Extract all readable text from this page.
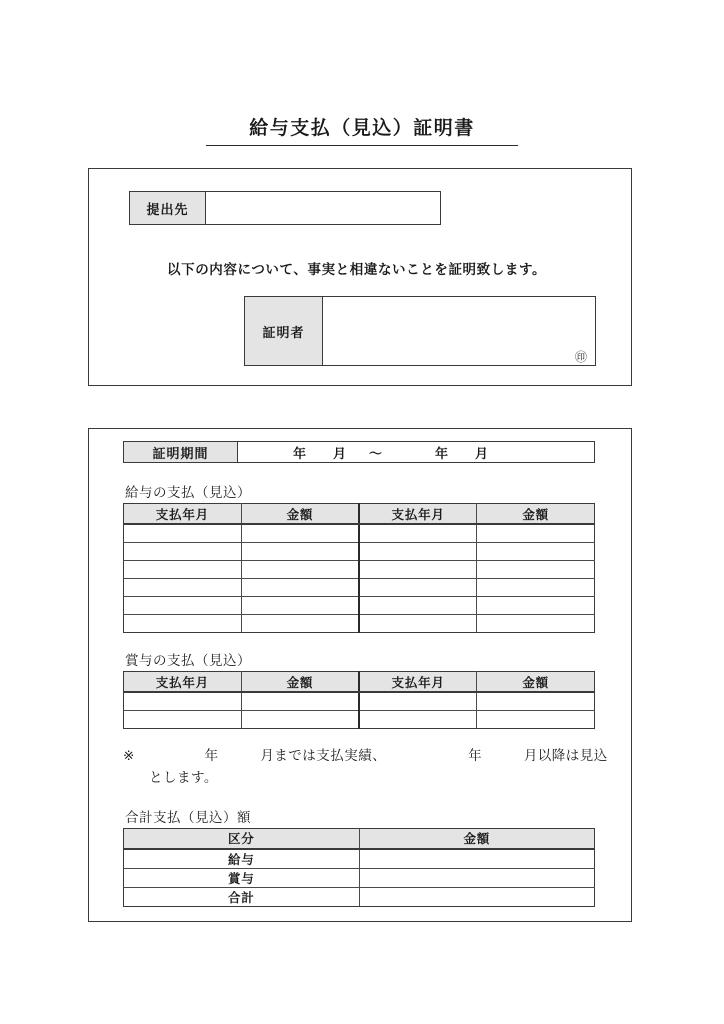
給与支払（見込）証明書
提出先
以下の内容について、事実と相違ないことを証明致します。
証明者
㊞
証明期間	年 月 ～	年 月
給与の支払（見込）
支払年月	金額	支払年月	金額

賞与の支払（見込）
支払年月	金額	支払年月	金額

※	年	月までは支払実績、	年	月以降は見込
とします。
合計支払（見込）額
区分	金額
給与	
賞与	
合計	
